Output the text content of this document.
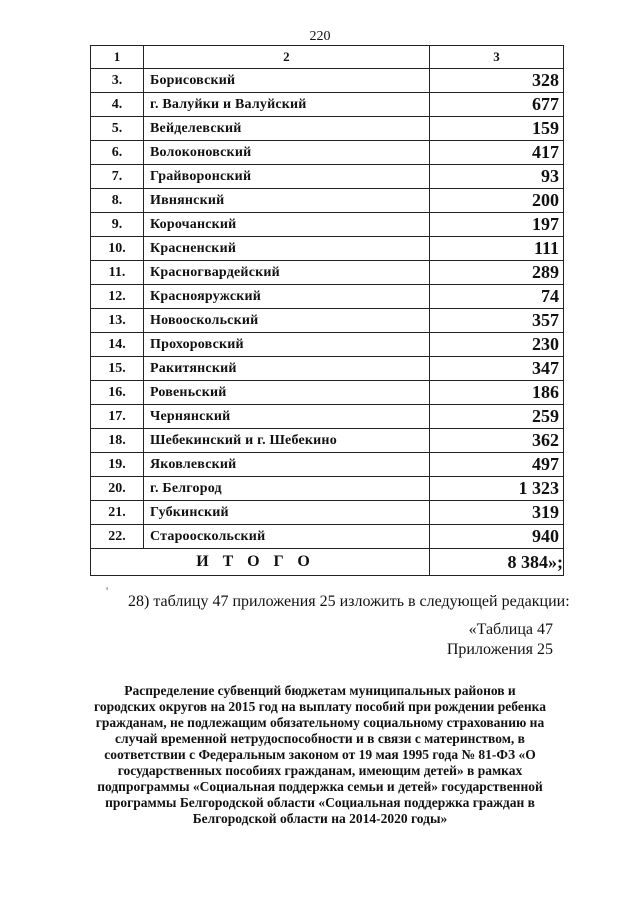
220
1	2	3
3.	Борисовский	328
4.	г. Валуйки и Валуйский	677
5.	Вейделевский	159
6.	Волоконовский	417
7.	Грайворонский	93
8.	Ивнянский	200
9.	Корочанский	197
10.	Красненский	111
11.	Красногвардейский	289
12.	Краснояружский	74
13.	Новооскольский	357
14.	Прохоровский	230
15.	Ракитянский	347
16.	Ровеньский	186
17.	Чернянский	259
18.	Шебекинский и г. Шебекино	362
19.	Яковлевский	497
20.	г. Белгород	1 323
21.	Губкинский	319
22.	Старооскольский	940
ИТОГО		8 384»;
'
28) таблицу 47 приложения 25 изложить в следующей редакции:
«Таблица 47
Приложения 25
Распределение субвенций бюджетам муниципальных районов и
городских округов на 2015 год на выплату пособий при рождении ребенка
гражданам, не подлежащим обязательному социальному страхованию на
случай временной нетрудоспособности и в связи с материнством, в
соответствии с Федеральным законом от 19 мая 1995 года № 81-ФЗ «О
государственных пособиях гражданам, имеющим детей» в рамках
подпрограммы «Социальная поддержка семьи и детей» государственной
программы Белгородской области «Социальная поддержка граждан в
Белгородской области на 2014-2020 годы»
